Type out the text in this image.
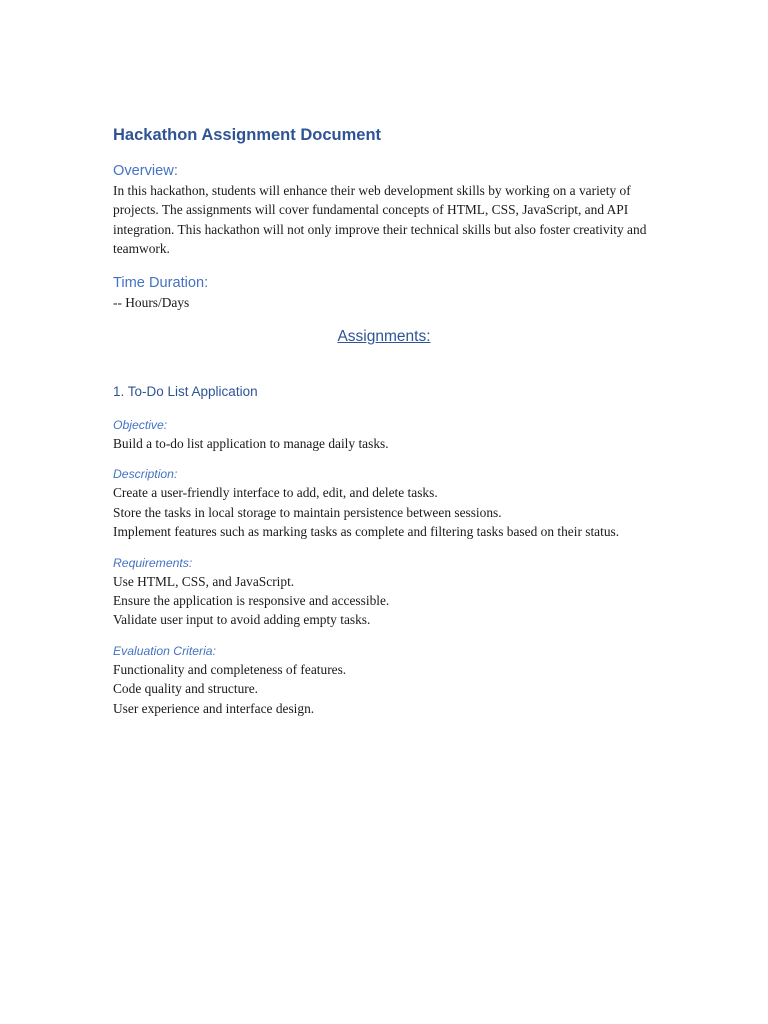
Hackathon Assignment Document
Overview:

In this hackathon, students will enhance their web development skills by working on a variety of projects. The assignments will cover fundamental concepts of HTML, CSS, JavaScript, and API integration. This hackathon will not only improve their technical skills but also foster creativity and teamwork.

Time Duration:

-- Hours/Days

Assignments:
1. To-Do List Application
Objective:

Build a to-do list application to manage daily tasks.

Description:

Create a user-friendly interface to add, edit, and delete tasks.

Store the tasks in local storage to maintain persistence between sessions.

Implement features such as marking tasks as complete and filtering tasks based on their status.

Requirements:

Use HTML, CSS, and JavaScript.

Ensure the application is responsive and accessible.

Validate user input to avoid adding empty tasks.

Evaluation Criteria:

Functionality and completeness of features.

Code quality and structure.

User experience and interface design.
